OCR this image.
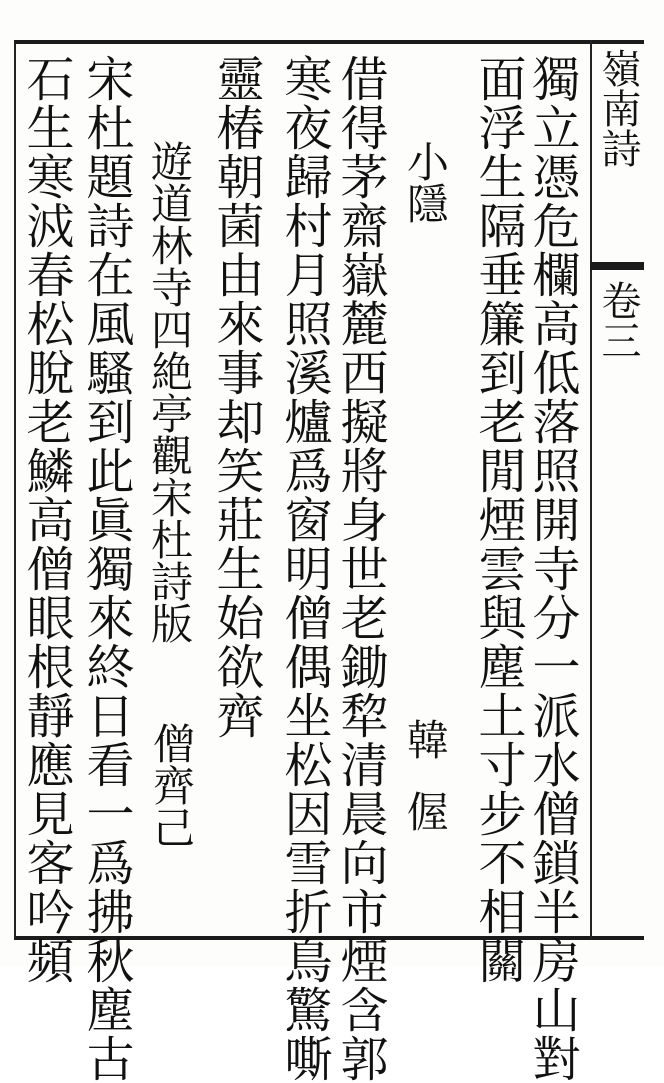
嶺南詩
卷三
獨立憑危欄高低落照開寺分一派水僧鎖半房山對
面浮生隔垂簾到老閒煙雲與塵土寸步不相關
小隱
韓偓
借得茅齋嶽麓西擬將身世老鋤犂清晨向市煙含郭
寒夜歸村月照溪爐爲窗明僧偶坐松因雪折鳥驚嘶
靈椿朝菌由來事却笑莊生始欲齊
遊道林寺四絶亭觀宋杜詩版
僧齊己
宋杜題詩在風騷到此眞獨來終日看一爲拂秋塵古
石生寒㳚春松脫老鱗高僧眼根靜應見客吟頻
